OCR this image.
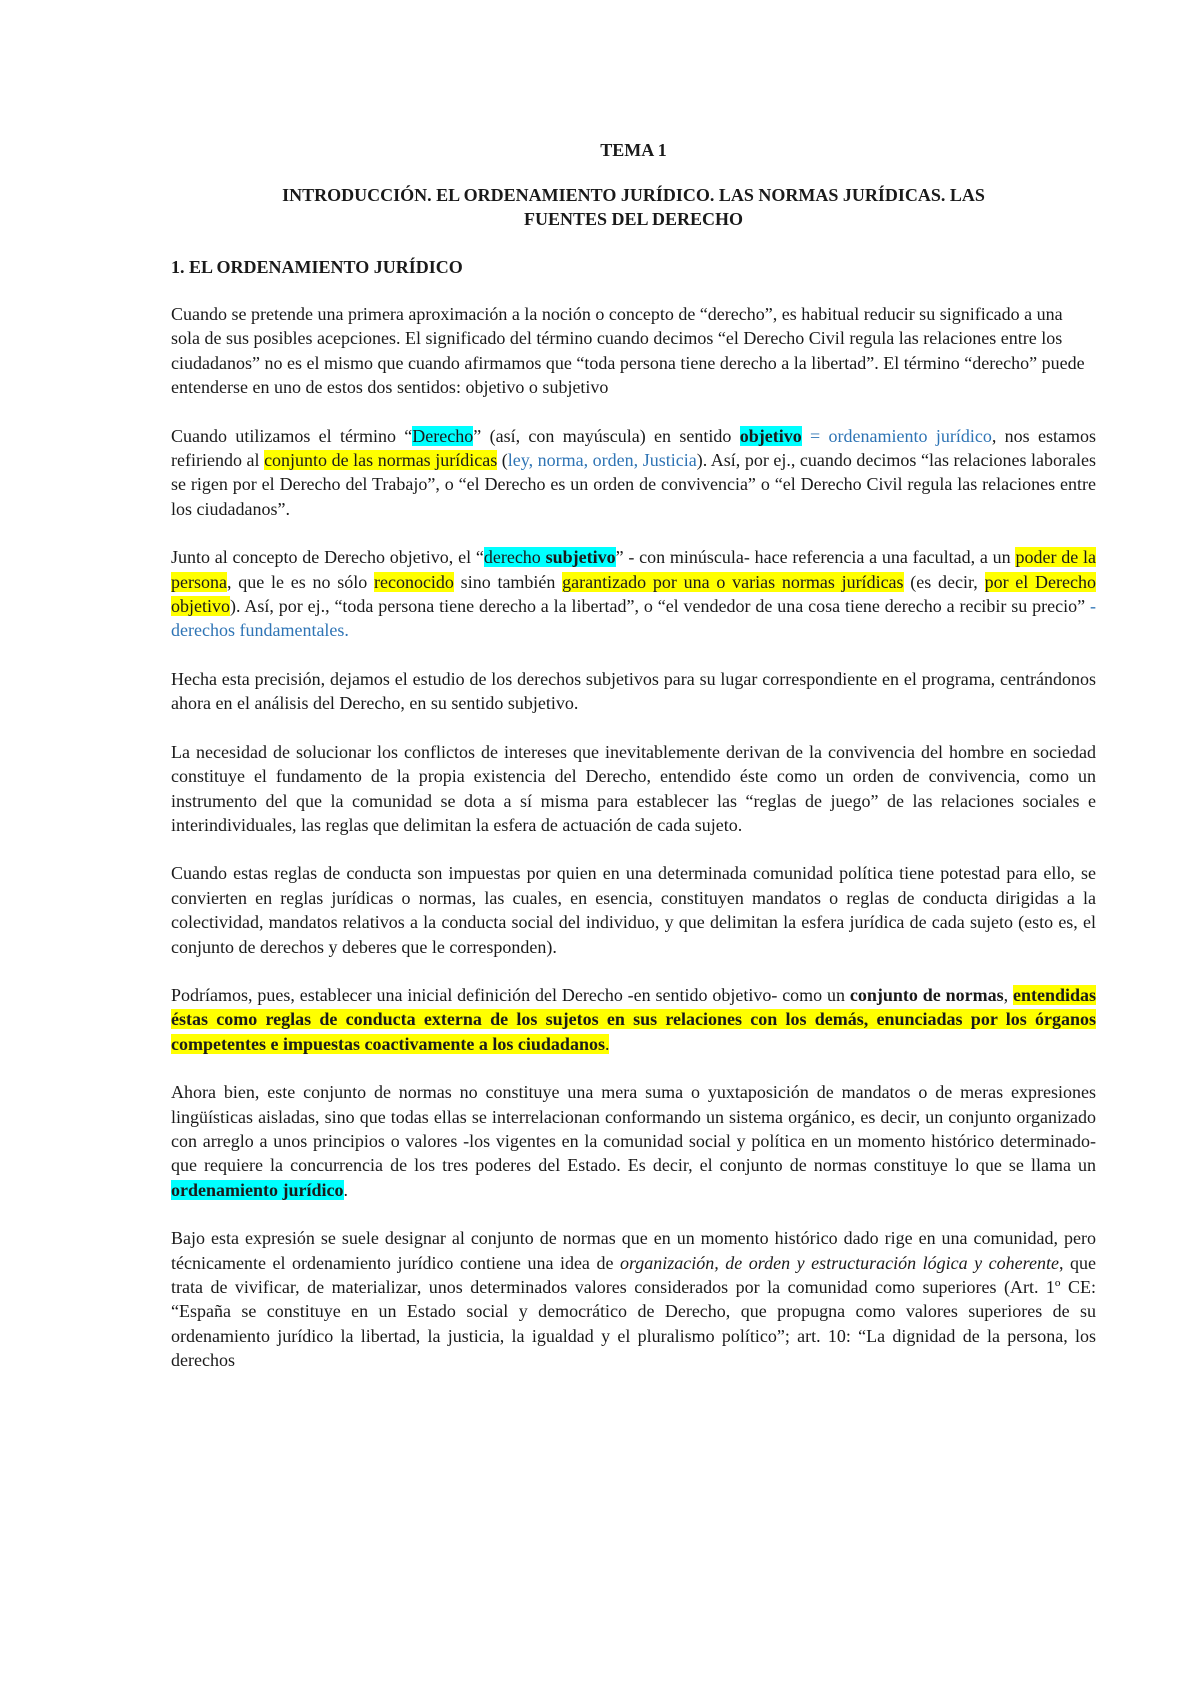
TEMA 1
INTRODUCCIÓN. EL ORDENAMIENTO JURÍDICO. LAS NORMAS JURÍDICAS. LAS
FUENTES DEL DERECHO
1. EL ORDENAMIENTO JURÍDICO

Cuando se pretende una primera aproximación a la noción o concepto de “derecho”, es habitual reducir su significado a una sola de sus posibles acepciones. El significado del término cuando decimos “el Derecho Civil regula las relaciones entre los ciudadanos” no es el mismo que cuando afirmamos que “toda persona tiene derecho a la libertad”. El término “derecho” puede entenderse en uno de estos dos sentidos: objetivo o subjetivo

Cuando utilizamos el término “Derecho” (así, con mayúscula) en sentido objetivo = ordenamiento jurídico, nos estamos refiriendo al conjunto de las normas jurídicas (ley, norma, orden, Justicia). Así, por ej., cuando decimos “las relaciones laborales se rigen por el Derecho del Trabajo”, o “el Derecho es un orden de convivencia” o “el Derecho Civil regula las relaciones entre los ciudadanos”.

Junto al concepto de Derecho objetivo, el “derecho subjetivo” - con minúscula- hace referencia a una facultad, a un poder de la persona, que le es no sólo reconocido sino también garantizado por una o varias normas jurídicas (es decir, por el Derecho objetivo). Así, por ej., “toda persona tiene derecho a la libertad”, o “el vendedor de una cosa tiene derecho a recibir su precio” - derechos fundamentales.

Hecha esta precisión, dejamos el estudio de los derechos subjetivos para su lugar correspondiente en el programa, centrándonos ahora en el análisis del Derecho, en su sentido subjetivo.

La necesidad de solucionar los conflictos de intereses que inevitablemente derivan de la convivencia del hombre en sociedad constituye el fundamento de la propia existencia del Derecho, entendido éste como un orden de convivencia, como un instrumento del que la comunidad se dota a sí misma para establecer las “reglas de juego” de las relaciones sociales e interindividuales, las reglas que delimitan la esfera de actuación de cada sujeto.

Cuando estas reglas de conducta son impuestas por quien en una determinada comunidad política tiene potestad para ello, se convierten en reglas jurídicas o normas, las cuales, en esencia, constituyen mandatos o reglas de conducta dirigidas a la colectividad, mandatos relativos a la conducta social del individuo, y que delimitan la esfera jurídica de cada sujeto (esto es, el conjunto de derechos y deberes que le corresponden).

Podríamos, pues, establecer una inicial definición del Derecho -en sentido objetivo- como un conjunto de normas, entendidas éstas como reglas de conducta externa de los sujetos en sus relaciones con los demás, enunciadas por los órganos competentes e impuestas coactivamente a los ciudadanos.

Ahora bien, este conjunto de normas no constituye una mera suma o yuxtaposición de mandatos o de meras expresiones lingüísticas aisladas, sino que todas ellas se interrelacionan conformando un sistema orgánico, es decir, un conjunto organizado con arreglo a unos principios o valores -los vigentes en la comunidad social y política en un momento histórico determinado- que requiere la concurrencia de los tres poderes del Estado. Es decir, el conjunto de normas constituye lo que se llama un ordenamiento jurídico.

Bajo esta expresión se suele designar al conjunto de normas que en un momento histórico dado rige en una comunidad, pero técnicamente el ordenamiento jurídico contiene una idea de organización, de orden y estructuración lógica y coherente, que trata de vivificar, de materializar, unos determinados valores considerados por la comunidad como superiores (Art. 1º CE: “España se constituye en un Estado social y democrático de Derecho, que propugna como valores superiores de su ordenamiento jurídico la libertad, la justicia, la igualdad y el pluralismo político”; art. 10: “La dignidad de la persona, los derechos
